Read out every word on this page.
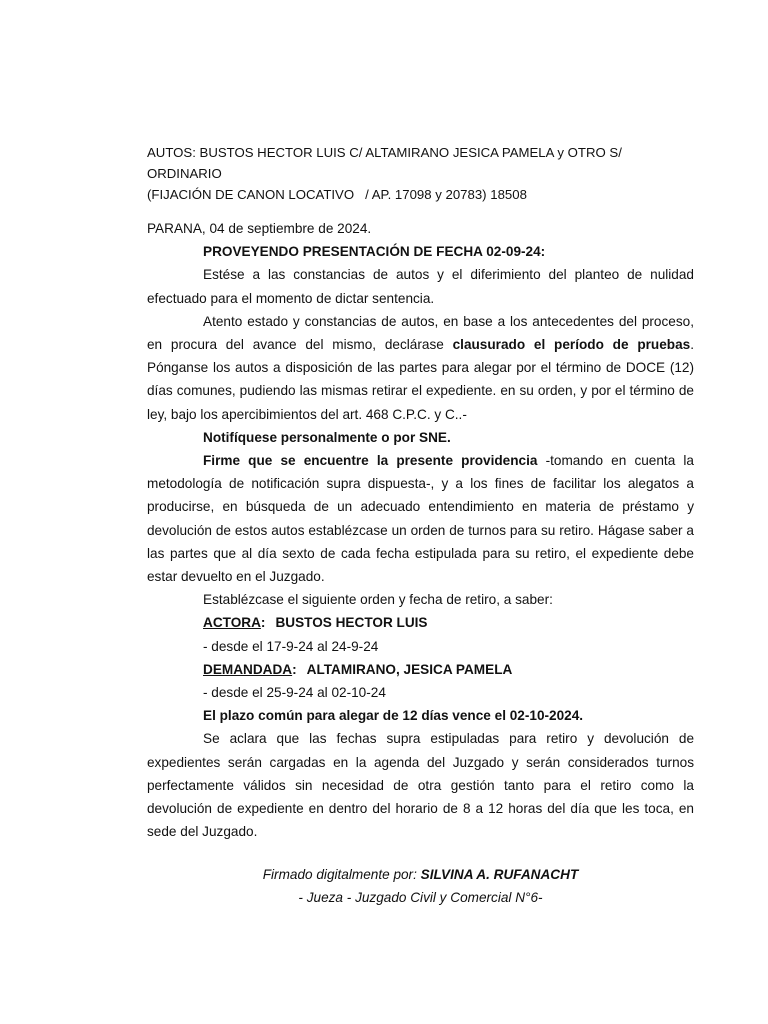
AUTOS: BUSTOS HECTOR LUIS C/ ALTAMIRANO JESICA PAMELA y OTRO S/ ORDINARIO

(FIJACIÓN DE CANON LOCATIVO   / AP. 17098 y 20783) 18508

PARANA, 04 de septiembre de 2024.

PROVEYENDO PRESENTACIÓN DE FECHA 02-09-24:

Estése a las constancias de autos y el diferimiento del planteo de nulidad efectuado para el momento de dictar sentencia.

Atento estado y constancias de autos, en base a los antecedentes del proceso, en procura del avance del mismo, declárase clausurado el período de pruebas. Pónganse los autos a disposición de las partes para alegar por el término de DOCE (12) días comunes, pudiendo las mismas retirar el expediente. en su orden, y por el término de ley, bajo los apercibimientos del art. 468 C.P.C. y C..-

Notifíquese personalmente o por SNE.

Firme que se encuentre la presente providencia -tomando en cuenta la metodología de notificación supra dispuesta-, y a los fines de facilitar los alegatos a producirse, en búsqueda de un adecuado entendimiento en materia de préstamo y devolución de estos autos establézcase un orden de turnos para su retiro. Hágase saber a las partes que al día sexto de cada fecha estipulada para su retiro, el expediente debe estar devuelto en el Juzgado.

Establézcase el siguiente orden y fecha de retiro, a saber:

ACTORA: BUSTOS HECTOR LUIS

- desde el 17-9-24 al 24-9-24

DEMANDADA: ALTAMIRANO, JESICA PAMELA

- desde el 25-9-24 al 02-10-24

El plazo común para alegar de 12 días vence el 02-10-2024.

Se aclara que las fechas supra estipuladas para retiro y devolución de expedientes serán cargadas en la agenda del Juzgado y serán considerados turnos perfectamente válidos sin necesidad de otra gestión tanto para el retiro como la devolución de expediente en dentro del horario de 8 a 12 horas del día que les toca, en sede del Juzgado.

Firmado digitalmente por: SILVINA A. RUFANACHT
- Jueza - Juzgado Civil y Comercial N°6-
